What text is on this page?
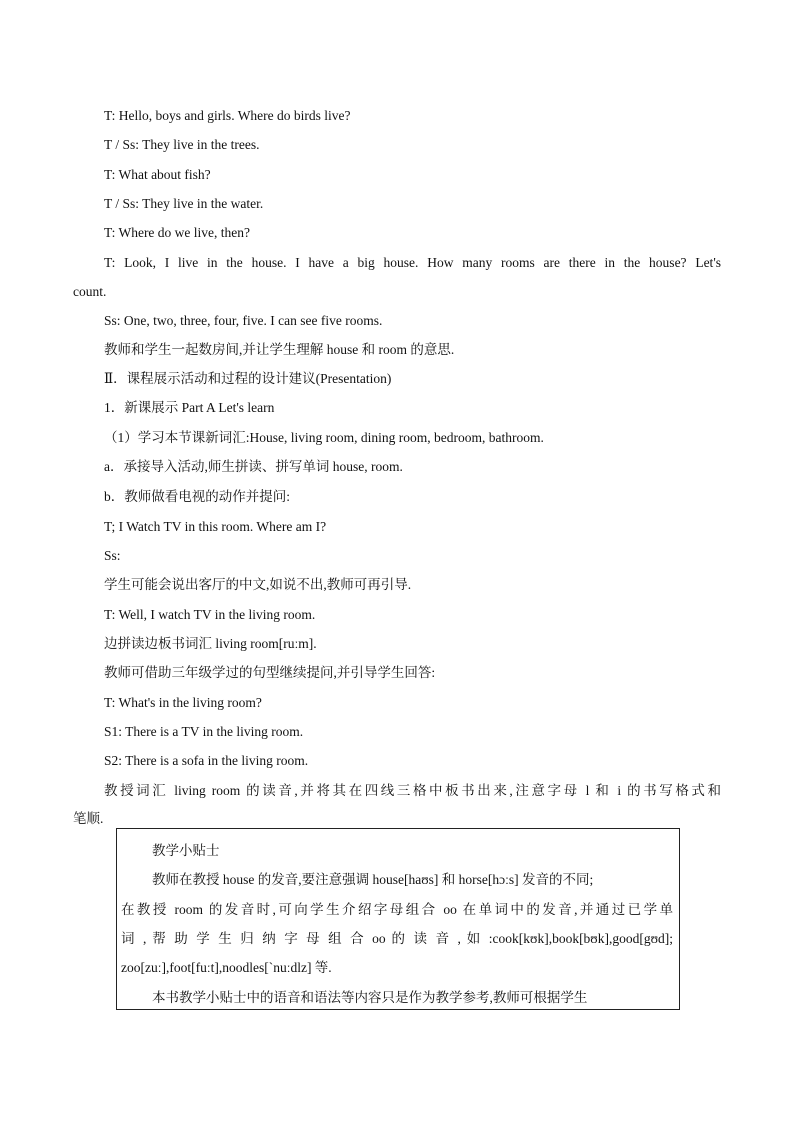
T: Hello, boys and girls. Where do birds live?
T / Ss: They live in the trees.
T: What about fish?
T / Ss: They live in the water.
T: Where do we live, then?
T: Look, I live in the house. I have a big house. How many rooms are there in the house? Let's
count.
Ss: One, two, three, four, five. I can see five rooms.
教师和学生一起数房间,并让学生理解 house 和 room 的意思.
Ⅱ．课程展示活动和过程的设计建议(Presentation)
1．新课展示 Part A Let's learn
（1）学习本节课新词汇:House, living room, dining room, bedroom, bathroom.
a．承接导入活动,师生拼读、拼写单词 house, room.
b．教师做看电视的动作并提问:
T; I Watch TV in this room. Where am I?
Ss:
学生可能会说出客厅的中文,如说不出,教师可再引导.
T: Well, I watch TV in the living room.
边拼读边板书词汇 living room[ruːm].
教师可借助三年级学过的句型继续提问,并引导学生回答:
T: What's in the living room?
S1: There is a TV in the living room.
S2: There is a sofa in the living room.
教授词汇 living room 的读音,并将其在四线三格中板书出来,注意字母 l 和 i 的书写格式和
笔顺.
教学小贴士
教师在教授 house 的发音,要注意强调 house[haʊs] 和 horse[hɔːs] 发音的不同;
在教授 room 的发音时,可向学生介绍字母组合 oo 在单词中的发音,并通过已学单
词 , 帮 助 学 生 归 纳 字 母 组 合 oo 的 读 音 , 如 :cook[kʊk],book[bʊk],good[gʊd];
zoo[zuː],foot[fuːt],noodles[ˋnuːdlz] 等.
本书教学小贴士中的语音和语法等内容只是作为教学参考,教师可根据学生
